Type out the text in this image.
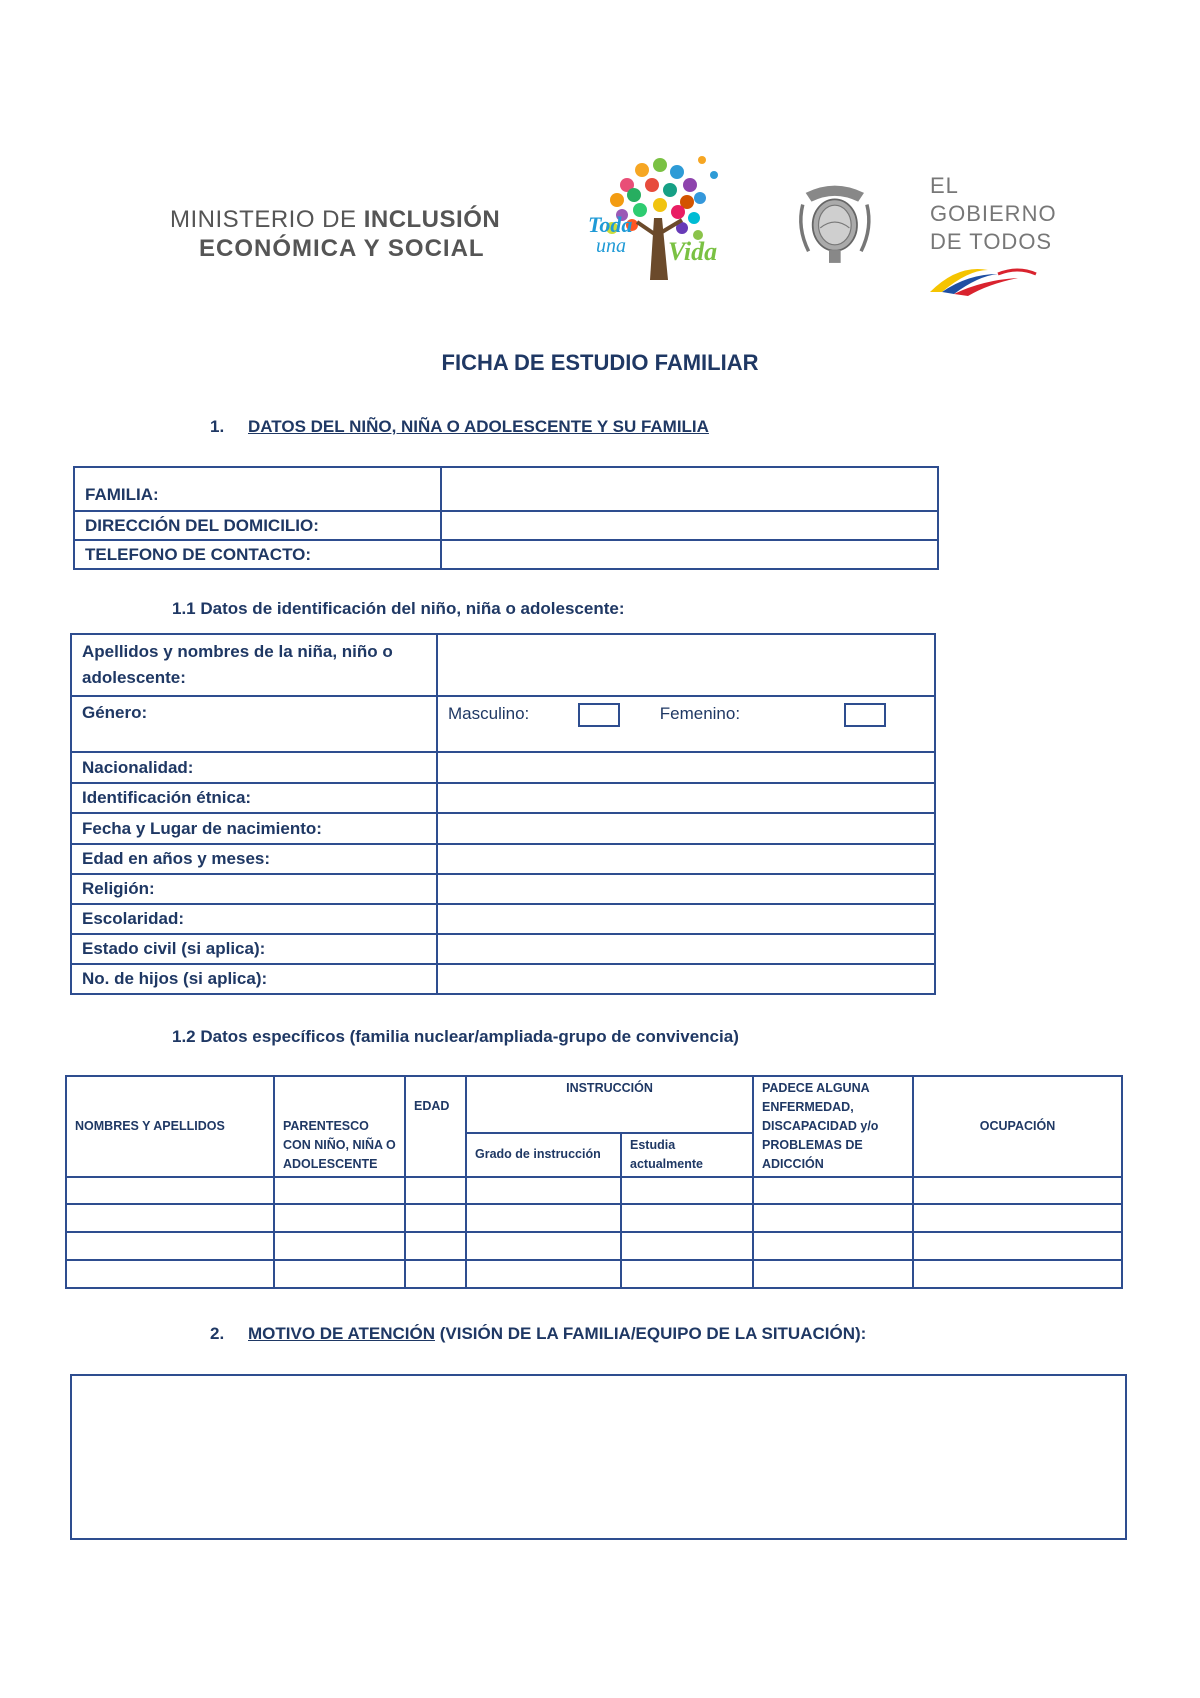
MINISTERIO DE INCLUSIÓN
ECONÓMICA Y SOCIAL
Toda
una Vida
EL
GOBIERNO
DE TODOS
FICHA DE ESTUDIO FAMILIAR
1. DATOS DEL NIÑO, NIÑA O ADOLESCENTE Y SU FAMILIA
FAMILIA:	
DIRECCIÓN DEL DOMICILIO:	
TELEFONO DE CONTACTO:	
1.1 Datos de identificación del niño, niña o adolescente:
Apellidos y nombres de la niña, niño o adolescente:	
Género:	Masculino: Femenino:
Nacionalidad:	
Identificación étnica:	
Fecha y Lugar de nacimiento:	
Edad en años y meses:	
Religión:	
Escolaridad:	
Estado civil (si aplica):	
No. de hijos (si aplica):	
1.2 Datos específicos (familia nuclear/ampliada-grupo de convivencia)
NOMBRES Y APELLIDOS	PARENTESCO CON NIÑO, NIÑA O ADOLESCENTE	EDAD	INSTRUCCIÓN		PADECE ALGUNA ENFERMEDAD, DISCAPACIDAD y/o PROBLEMAS DE ADICCIÓN	OCUPACIÓN
			Grado de instrucción	Estudia actualmente		

2. MOTIVO DE ATENCIÓN (VISIÓN DE LA FAMILIA/EQUIPO DE LA SITUACIÓN):
